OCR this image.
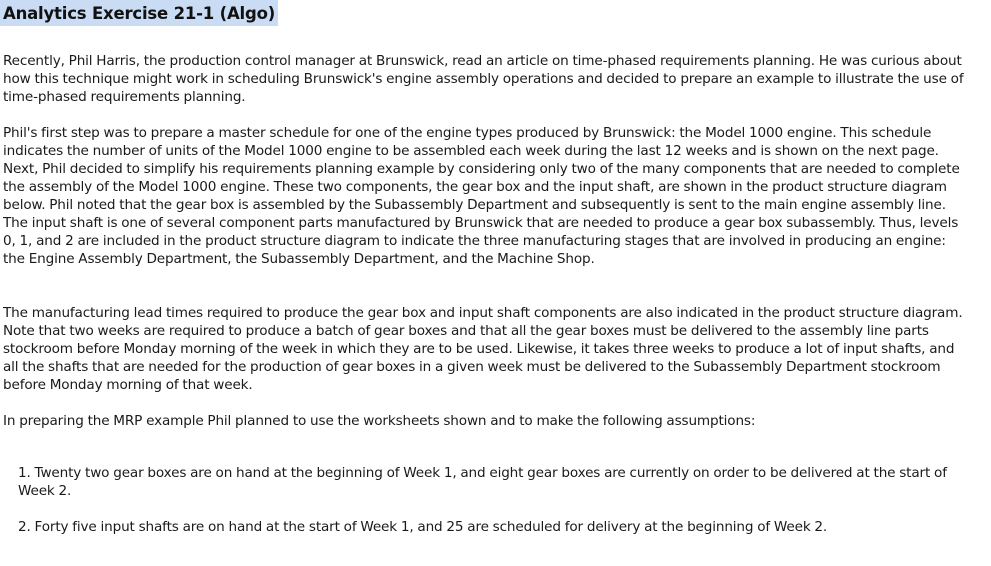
Analytics Exercise 21-1 (Algo)

Recently, Phil Harris, the production control manager at Brunswick, read an article on time-phased requirements planning. He was curious about how this technique might work in scheduling Brunswick's engine assembly operations and decided to prepare an example to illustrate the use of time-phased requirements planning.

Phil's first step was to prepare a master schedule for one of the engine types produced by Brunswick: the Model 1000 engine. This schedule indicates the number of units of the Model 1000 engine to be assembled each week during the last 12 weeks and is shown on the next page. Next, Phil decided to simplify his requirements planning example by considering only two of the many components that are needed to complete the assembly of the Model 1000 engine. These two components, the gear box and the input shaft, are shown in the product structure diagram below. Phil noted that the gear box is assembled by the Subassembly Department and subsequently is sent to the main engine assembly line. The input shaft is one of several component parts manufactured by Brunswick that are needed to produce a gear box subassembly. Thus, levels 0, 1, and 2 are included in the product structure diagram to indicate the three manufacturing stages that are involved in producing an engine: the Engine Assembly Department, the Subassembly Department, and the Machine Shop.

The manufacturing lead times required to produce the gear box and input shaft components are also indicated in the product structure diagram. Note that two weeks are required to produce a batch of gear boxes and that all the gear boxes must be delivered to the assembly line parts stockroom before Monday morning of the week in which they are to be used. Likewise, it takes three weeks to produce a lot of input shafts, and all the shafts that are needed for the production of gear boxes in a given week must be delivered to the Subassembly Department stockroom before Monday morning of that week.

In preparing the MRP example Phil planned to use the worksheets shown and to make the following assumptions:

1. Twenty two gear boxes are on hand at the beginning of Week 1, and eight gear boxes are currently on order to be delivered at the start of Week 2.
2. Forty five input shafts are on hand at the start of Week 1, and 25 are scheduled for delivery at the beginning of Week 2.
